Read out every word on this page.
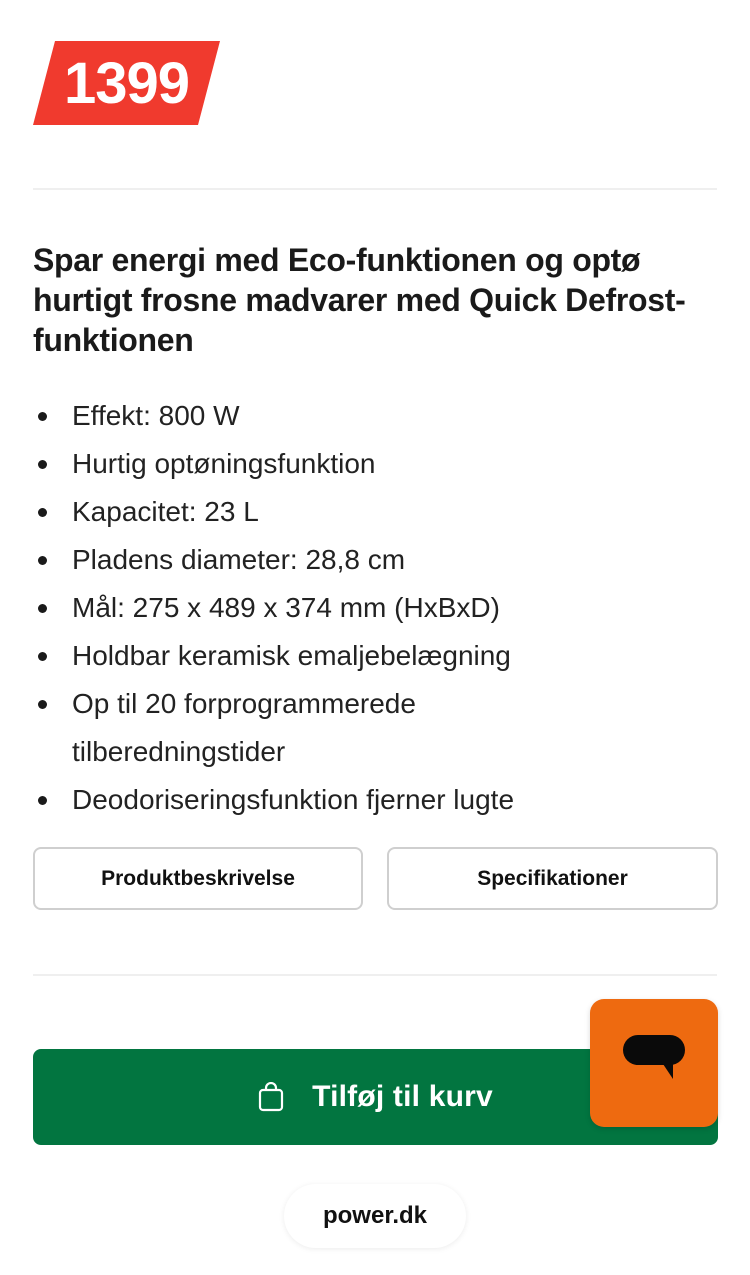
1399
Spar energi med Eco-funktionen og optø hurtigt frosne madvarer med Quick Defrost-funktionen
Effekt: 800 W
Hurtig optøningsfunktion
Kapacitet: 23 L
Pladens diameter: 28,8 cm
Mål: 275 x 489 x 374 mm (HxBxD)
Holdbar keramisk emaljebelægning
Op til 20 forprogrammerede tilberedningstider
Deodoriseringsfunktion fjerner lugte
Produktbeskrivelse	Specifikationer
Tilføj til kurv
power.dk
